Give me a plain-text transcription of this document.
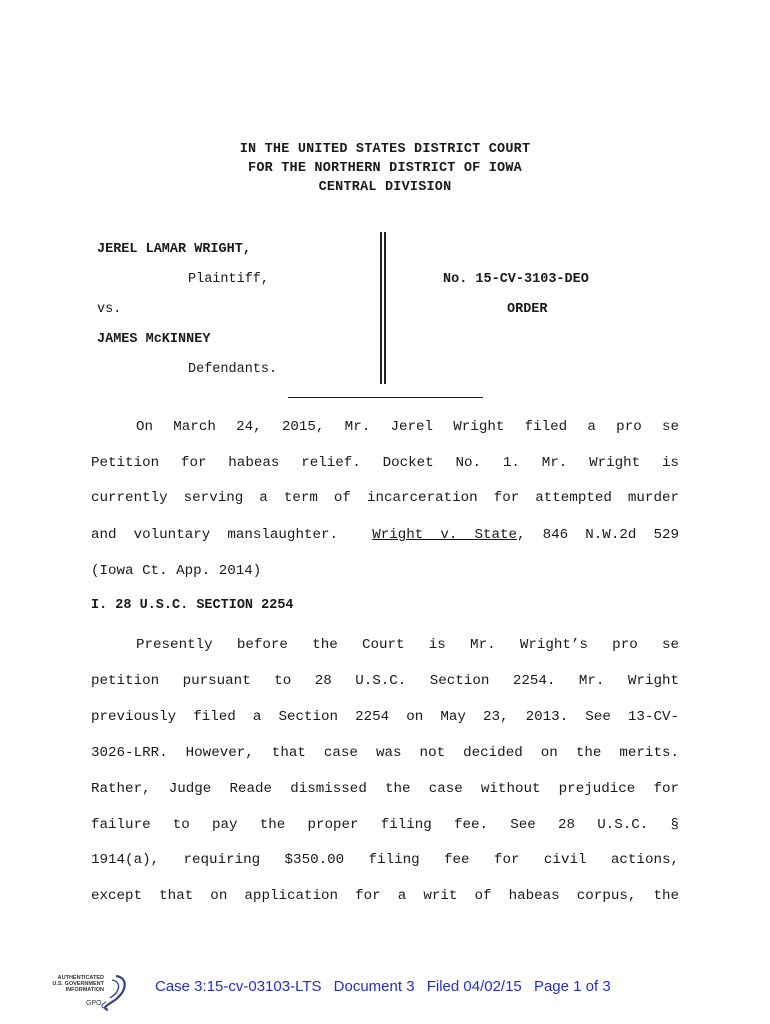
IN THE UNITED STATES DISTRICT COURT
FOR THE NORTHERN DISTRICT OF IOWA
CENTRAL DIVISION
JEREL LAMAR WRIGHT,
Plaintiff,
vs.
JAMES McKINNEY
Defendants.
No. 15-CV-3103-DEO
ORDER
On March 24, 2015, Mr. Jerel Wright filed a pro se
Petition for habeas relief. Docket No. 1. Mr. Wright is
currently serving a term of incarceration for attempted murder
and voluntary manslaughter.  Wright v. State, 846 N.W.2d 529
(Iowa Ct. App. 2014)
I. 28 U.S.C. SECTION 2254
Presently before the Court is Mr. Wright’s pro se
petition pursuant to 28 U.S.C. Section 2254. Mr. Wright
previously filed a Section 2254 on May 23, 2013. See 13-CV-
3026-LRR. However, that case was not decided on the merits.
Rather, Judge Reade dismissed the case without prejudice for
failure to pay the proper filing fee. See 28 U.S.C. §
1914(a), requiring $350.00 filing fee for civil actions,
except that on application for a writ of habeas corpus, the
AUTHENTICATED
U.S. GOVERNMENT
INFORMATION
GPO
Case 3:15-cv-03103-LTS Document 3 Filed 04/02/15 Page 1 of 3
